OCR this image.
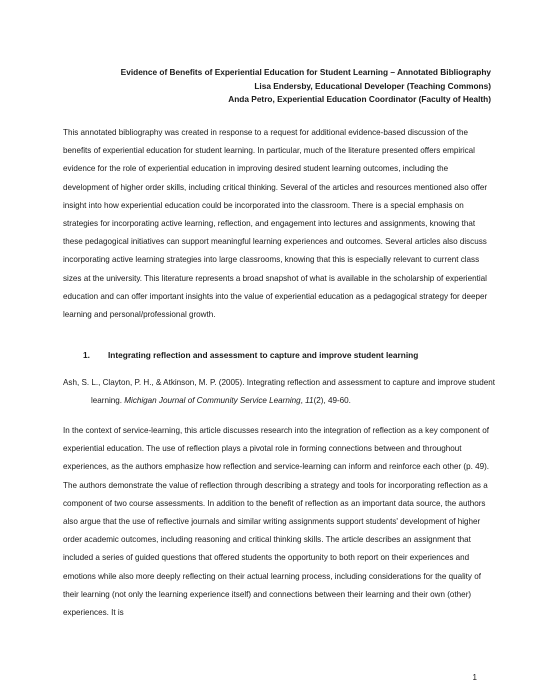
Evidence of Benefits of Experiential Education for Student Learning – Annotated Bibliography
Lisa Endersby, Educational Developer (Teaching Commons)
Anda Petro, Experiential Education Coordinator (Faculty of Health)

This annotated bibliography was created in response to a request for additional evidence-based discussion of the benefits of experiential education for student learning. In particular, much of the literature presented offers empirical evidence for the role of experiential education in improving desired student learning outcomes, including the development of higher order skills, including critical thinking. Several of the articles and resources mentioned also offer insight into how experiential education could be incorporated into the classroom. There is a special emphasis on strategies for incorporating active learning, reflection, and engagement into lectures and assignments, knowing that these pedagogical initiatives can support meaningful learning experiences and outcomes. Several articles also discuss incorporating active learning strategies into large classrooms, knowing that this is especially relevant to current class sizes at the university. This literature represents a broad snapshot of what is available in the scholarship of experiential education and can offer important insights into the value of experiential education as a pedagogical strategy for deeper learning and personal/professional growth.

1. Integrating reflection and assessment to capture and improve student learning

Ash, S. L., Clayton, P. H., & Atkinson, M. P. (2005). Integrating reflection and assessment to capture and improve student learning. Michigan Journal of Community Service Learning, 11(2), 49-60.

In the context of service-learning, this article discusses research into the integration of reflection as a key component of experiential education. The use of reflection plays a pivotal role in forming connections between and throughout experiences, as the authors emphasize how reflection and service-learning can inform and reinforce each other (p. 49). The authors demonstrate the value of reflection through describing a strategy and tools for incorporating reflection as a component of two course assessments. In addition to the benefit of reflection as an important data source, the authors also argue that the use of reflective journals and similar writing assignments support students' development of higher order academic outcomes, including reasoning and critical thinking skills. The article describes an assignment that included a series of guided questions that offered students the opportunity to both report on their experiences and emotions while also more deeply reflecting on their actual learning process, including considerations for the quality of their learning (not only the learning experience itself) and connections between their learning and their own (other) experiences. It is

1
